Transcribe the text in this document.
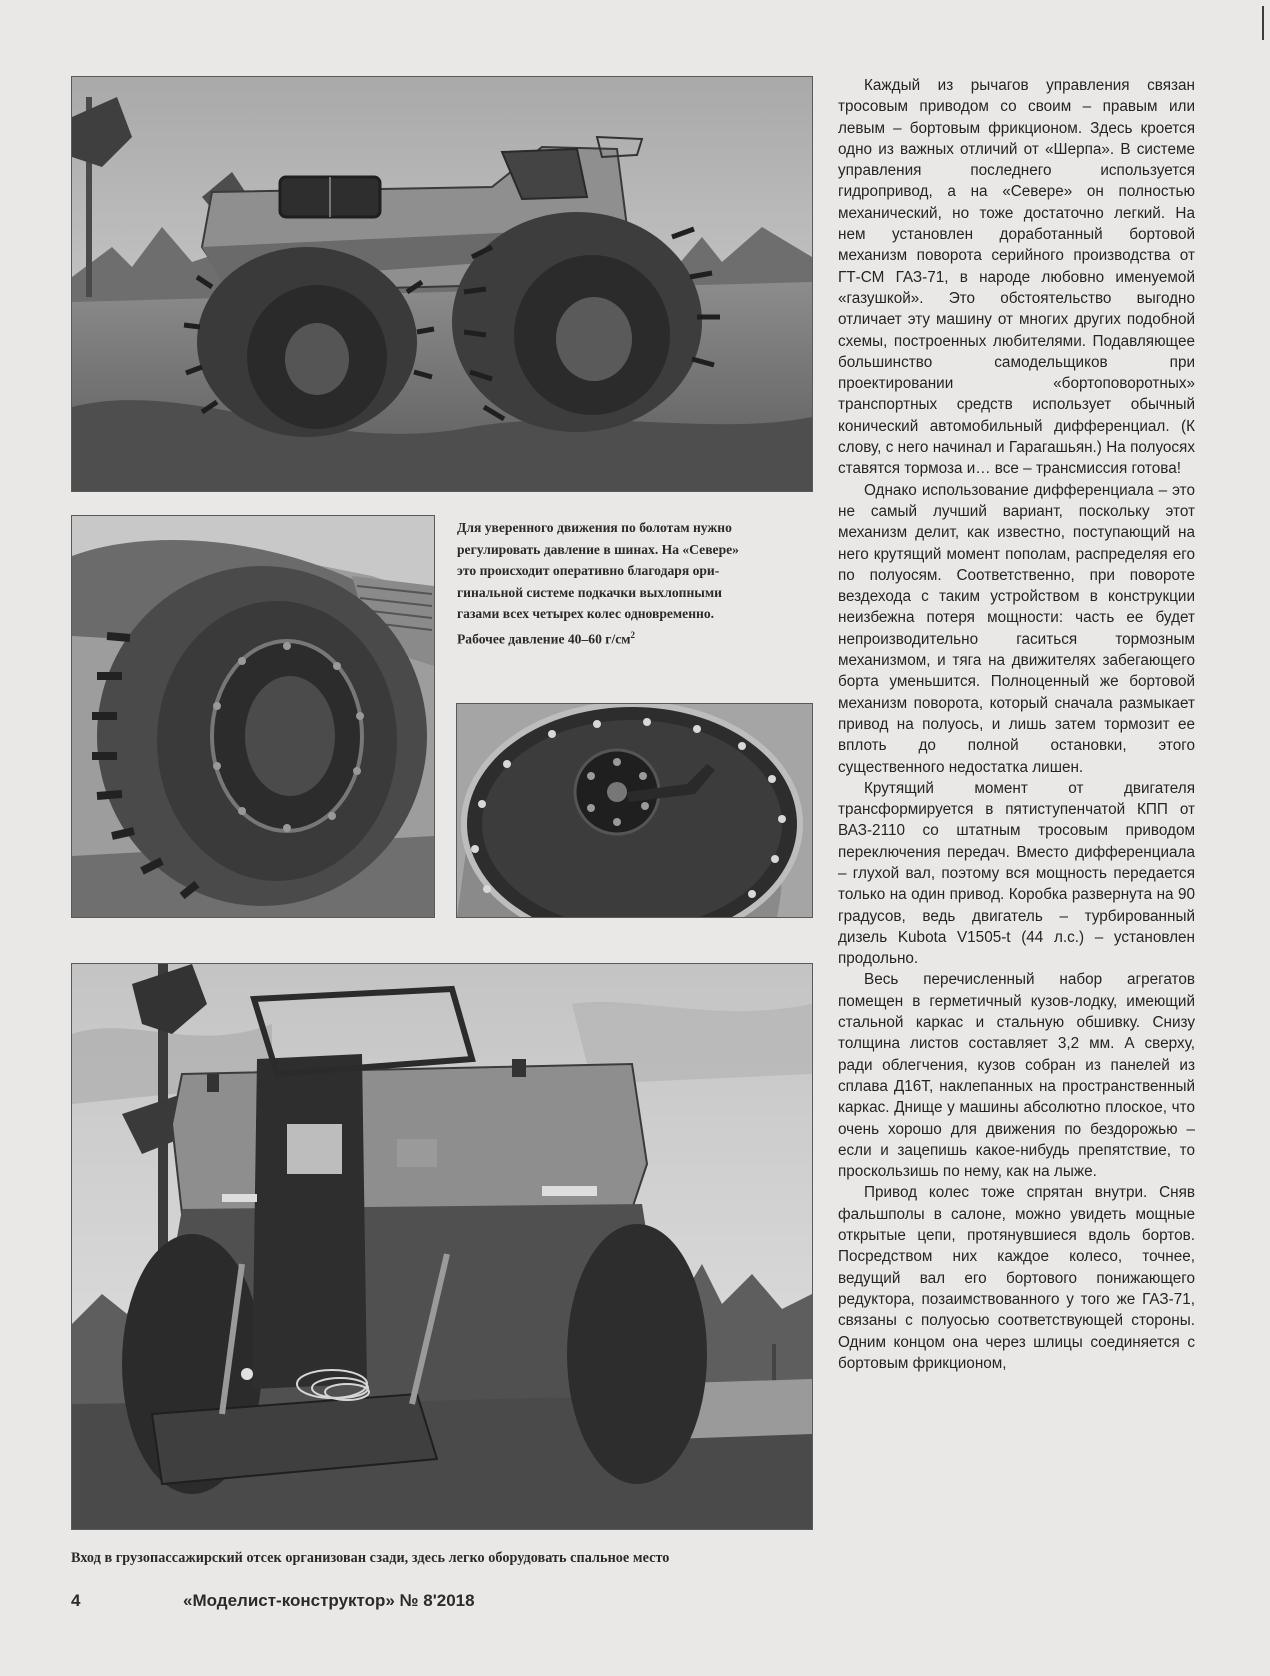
Для уверенного движения по болотам нужно
регулировать давление в шинах. На «Севере»
это происходит оперативно благодаря ори-
гинальной системе подкачки выхлопными
газами всех четырех колес одновременно.
Рабочее давление 40–60 $г/см^2$
Вход в грузопассажирский отсек организован сзади, здесь легко оборудовать спальное место

Каждый из рычагов управления связан тросовым приводом со своим – правым или левым – бортовым фрикционом. Здесь кроется одно из важных отличий от «Шерпа». В системе управления последнего используется гидропривод, а на «Севере» он полностью механический, но тоже достаточно легкий. На нем установлен доработанный бортовой механизм поворота серийного производства от ГТ-СМ ГАЗ-71, в народе любовно именуемой «газушкой». Это обстоятельство выгодно отличает эту машину от многих других подобной схемы, построенных любителями. Подавляющее большинство самодельщиков при проектировании «бортоповоротных» транспортных средств использует обычный конический автомобильный дифференциал. (К слову, с него начинал и Гарагашьян.) На полуосях ставятся тормоза и… все – трансмиссия готова!

Однако использование дифференциала – это не самый лучший вариант, поскольку этот механизм делит, как известно, поступающий на него крутящий момент пополам, распределяя его по полуосям. Соответственно, при повороте вездехода с таким устройством в конструкции неизбежна потеря мощности: часть ее будет непроизводительно гаситься тормозным механизмом, и тяга на движителях забегающего борта уменьшится. Полноценный же бортовой механизм поворота, который сначала размыкает привод на полуось, и лишь затем тормозит ее вплоть до полной остановки, этого существенного недостатка лишен.

Крутящий момент от двигателя трансформируется в пятиступенчатой КПП от ВАЗ-2110 со штатным тросовым приводом переключения передач. Вместо дифференциала – глухой вал, поэтому вся мощность передается только на один привод. Коробка развернута на 90 градусов, ведь двигатель – турбированный дизель Kubota V1505-t (44 л.с.) – установлен продольно.

Весь перечисленный набор агрегатов помещен в герметичный кузов-лодку, имеющий стальной каркас и стальную обшивку. Снизу толщина листов составляет 3,2 мм. А сверху, ради облегчения, кузов собран из панелей из сплава Д16Т, наклепанных на пространственный каркас. Днище у машины абсолютно плоское, что очень хорошо для движения по бездорожью – если и зацепишь какое-нибудь препятствие, то проскользишь по нему, как на лыже.

Привод колес тоже спрятан внутри. Сняв фальшполы в салоне, можно увидеть мощные открытые цепи, протянувшиеся вдоль бортов. Посредством них каждое колесо, точнее, ведущий вал его бортового понижающего редуктора, позаимствованного у того же ГАЗ-71, связаны с полуосью соответствующей стороны. Одним концом она через шлицы соединяется с бортовым фрикционом,

4	«Моделист-конструктор» № 8'2018
